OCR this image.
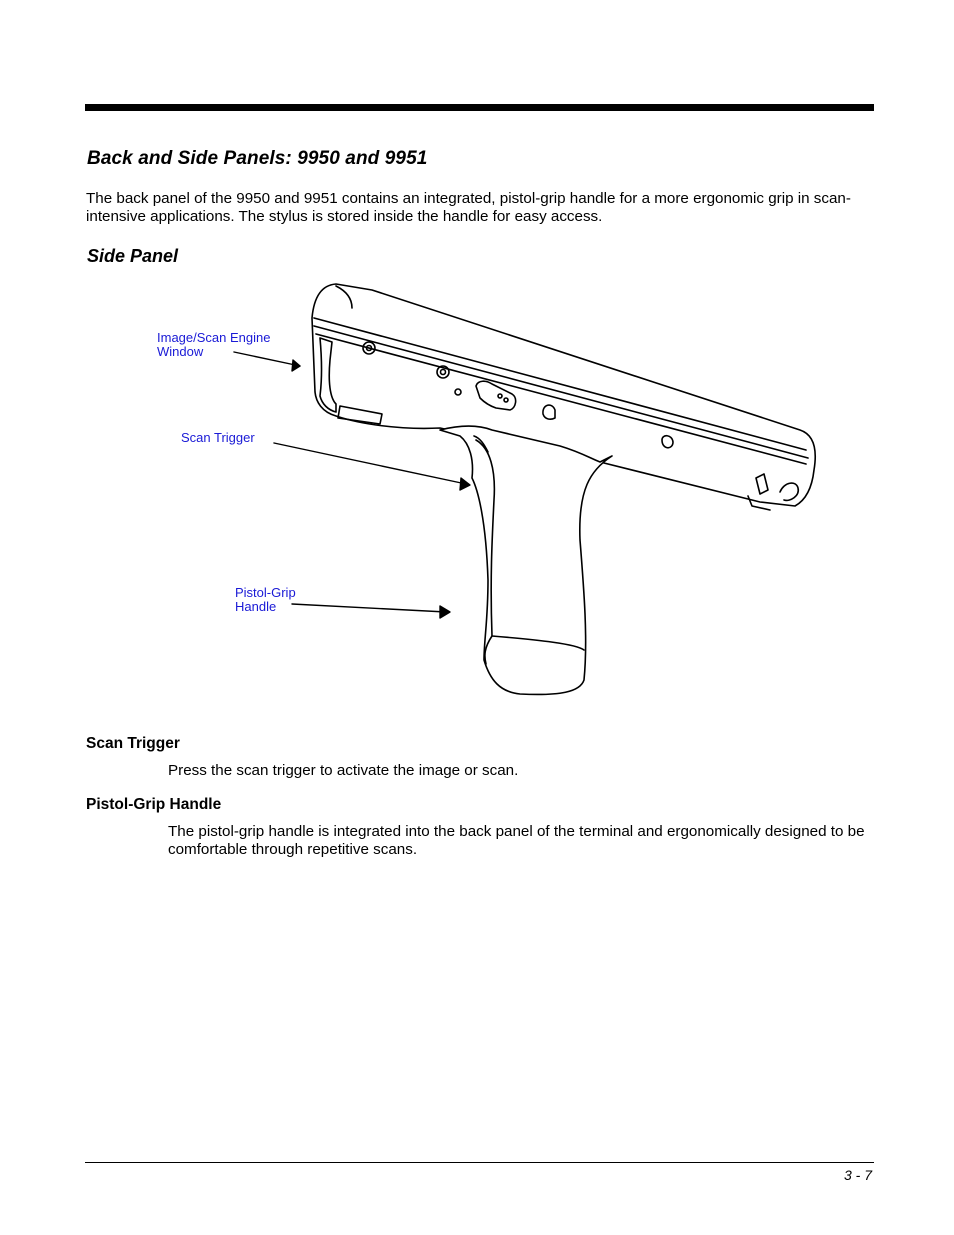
Back and Side Panels: 9950 and 9951

The back panel of the 9950 and 9951 contains an integrated, pistol-grip handle for a more ergonomic grip in scan-intensive applications. The stylus is stored inside the handle for easy access.

Side Panel
Image/Scan Engine
Window
Scan Trigger
Pistol-Grip
Handle
Scan Trigger

Press the scan trigger to activate the image or scan.

Pistol-Grip Handle

The pistol-grip handle is integrated into the back panel of the terminal and ergonomically designed to be comfortable through repetitive scans.

3 - 7
